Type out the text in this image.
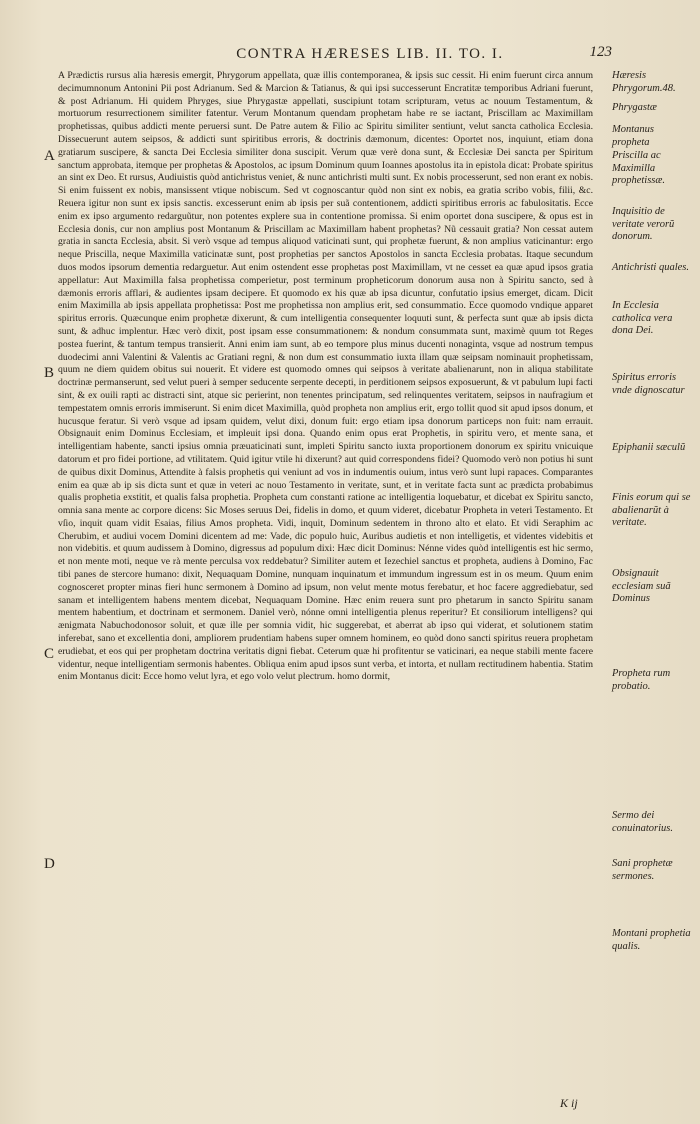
CONTRA HÆRESES LIB. II. TO. I.	123
A
B
C
D

A Prædictis rursus alia hæresis emergit, Phrygorum appellata, quæ illis contemporanea, & ipsis suc cessit. Hi enim fuerunt circa annum decimumnonum Antonini Pii post Adrianum. Sed & Marcion & Tatianus, & qui ipsi successerunt Encratitæ temporibus Adriani fuerunt, & post Adrianum. Hi quidem Phryges, siue Phrygastæ appellati, suscipiunt totam scripturam, vetus ac nouum Testamentum, & mortuorum resurrectionem similiter fatentur. Verum Montanum quendam prophetam habe re se iactant, Priscillam ac Maximillam prophetissas, quibus addicti mente peruersi sunt. De Patre autem & Filio ac Spiritu similiter sentiunt, velut sancta catholica Ecclesia. Dissecuerunt autem seipsos, & addicti sunt spiritibus erroris, & doctrinis dæmonum, dicentes: Oportet nos, inquiunt, etiam dona gratiarum suscipere, & sancta Dei Ecclesia similiter dona suscipit. Verum quæ verè dona sunt, & Ecclesiæ Dei sancta per Spiritum sanctum approbata, itemque per prophetas & Apostolos, ac ipsum Dominum quum Ioannes apostolus ita in epistola dicat: Probate spiritus an sint ex Deo. Et rursus, Audiuistis quòd antichristus veniet, & nunc antichristi multi sunt. Ex nobis processerunt, sed non erant ex nobis. Si enim fuissent ex nobis, mansissent vtique nobiscum. Sed vt cognoscantur quòd non sint ex nobis, ea gratia scribo vobis, filii, &c. Reuera igitur non sunt ex ipsis sanctis. excesserunt enim ab ipsis per suã contentionem, addicti spiritibus erroris ac fabulositatis. Ecce enim ex ipso argumento redarguũtur, non potentes explere sua in contentione promissa. Si enim oportet dona suscipere, & opus est in Ecclesia donis, cur non amplius post Montanum & Priscillam ac Maximillam habent prophetas? Nũ cessauit gratia? Non cessat autem gratia in sancta Ecclesia, absit. Si verò vsque ad tempus aliquod vaticinati sunt, qui prophetæ fuerunt, & non amplius vaticinantur: ergo neque Priscilla, neque Maximilla vaticinatæ sunt, post prophetias per sanctos Apostolos in sancta Ecclesia probatas. Itaque secundum duos modos ipsorum dementia redarguetur. Aut enim ostendent esse prophetas post Maximillam, vt ne cesset ea quæ apud ipsos gratia appellatur: Aut Maximilla falsa prophetissa comperietur, post terminum propheticorum donorum ausa non à Spiritu sancto, sed à dæmonis erroris afflari, & audientes ipsam decipere. Et quomodo ex his quæ ab ipsa dicuntur, confutatio ipsius emerget, dicam. Dicit enim Maximilla ab ipsis appellata prophetissa: Post me prophetissa non amplius erit, sed consummatio. Ecce quomodo vndique apparet spiritus erroris. Quæcunque enim prophetæ dixerunt, & cum intelligentia consequenter loquuti sunt, & perfecta sunt quæ ab ipsis dicta sunt, & adhuc implentur. Hæc verò dixit, post ipsam esse consummationem: & nondum consummata sunt, maximè quum tot Reges postea fuerint, & tantum tempus transierit. Anni enim iam sunt, ab eo tempore plus minus ducenti nonaginta, vsque ad nostrum tempus duodecimi anni Valentini & Valentis ac Gratiani regni, & non dum est consummatio iuxta illam quæ seipsam nominauit prophetissam, quum ne diem quidem obitus sui nouerit. Et videre est quomodo omnes qui seipsos à veritate abalienarunt, non in aliqua stabilitate doctrinæ permanserunt, sed velut pueri à semper seducente serpente decepti, in perditionem seipsos exposuerunt, & vt pabulum lupi facti sint, & ex ouili rapti ac distracti sint, atque sic perierint, non tenentes principatum, sed relinquentes veritatem, seipsos in naufragium et tempestatem omnis erroris immiserunt. Si enim dicet Maximilla, quòd propheta non amplius erit, ergo tollit quod sit apud ipsos donum, et hucusque feratur. Si verò vsque ad ipsam quidem, velut dixi, donum fuit: ergo etiam ipsa donorum particeps non fuit: nam errauit. Obsignauit enim Dominus Ecclesiam, et impleuit ipsi dona. Quando enim opus erat Prophetis, in spiritu vero, et mente sana, et intelligentiam habente, sancti ipsius omnia præuaticinati sunt, impleti Spiritu sancto iuxta proportionem donorum ex spiritu vnicuique datorum et pro fidei portione, ad vtilitatem. Quid igitur vtile hi dixerunt? aut quid correspondens fidei? Quomodo verò non potius hi sunt de quibus dixit Dominus, Attendite à falsis prophetis qui veniunt ad vos in indumentis ouium, intus verò sunt lupi rapaces. Comparantes enim ea quæ ab ip sis dicta sunt et quæ in veteri ac nouo Testamento in veritate, sunt, et in veritate facta sunt ac prædicta probabimus qualis prophetia exstitit, et qualis falsa prophetia. Propheta cum constanti ratione ac intelligentia loquebatur, et dicebat ex Spiritu sancto, omnia sana mente ac corpore dicens: Sic Moses seruus Dei, fidelis in domo, et quum videret, dicebatur Propheta in veteri Testamento. Et vſio, inquit quam vidit Esaias, filius Amos propheta. Vidi, inquit, Dominum sedentem in throno alto et elato. Et vidi Seraphim ac Cherubim, et audiui vocem Domini dicentem ad me: Vade, dic populo huic, Auribus audietis et non intelligetis, et videntes videbitis et non videbitis. et quum audissem à Domino, digressus ad populum dixi: Hæc dicit Dominus: Nénne vides quòd intelligentis est hic sermo, et non mente moti, neque ve rà mente perculsa vox reddebatur? Similiter autem et Iezechiel sanctus et propheta, audiens à Domino, Fac tibi panes de stercore humano: dixit, Nequaquam Domine, nunquam inquinatum et immundum ingressum est in os meum. Quum enim cognosceret propter minas fieri hunc sermonem à Domino ad ipsum, non velut mente motus ferebatur, et hoc facere aggrediebatur, sed sanam et intelligentem habens mentem dicebat, Nequaquam Domine. Hæc enim reuera sunt pro phetarum in sancto Spiritu sanam mentem habentium, et doctrinam et sermonem. Daniel verò, nónne omni intelligentia plenus reperitur? Et consiliorum intelligens? qui ænigmata Nabuchodonosor soluit, et quæ ille per somnia vidit, hic suggerebat, et aberrat ab ipso qui viderat, et solutionem statim inferebat, sano et excellentia doni, ampliorem prudentiam habens super omnem hominem, eo quòd dono sancti spiritus reuera prophetam erudiebat, et eos qui per prophetam doctrina veritatis digni fiebat. Ceterum quæ hi profitentur se vaticinari, ea neque stabili mente facere videntur, neque intelligentiam sermonis habentes. Obliqua enim apud ipsos sunt verba, et intorta, et nullam rectitudinem habentia. Statim enim Montanus dicit: Ecce homo velut lyra, et ego volo velut plectrum. homo dormit,

Hæresis Phrygorum.48.
Phrygastæ
Montanus propheta
Priscilla ac Maximilla prophetissæ.
Inquisitio de veritate verorũ donorum.
Antichristi quales.
In Ecclesia catholica vera dona Dei.
Spiritus erroris vnde dignoscatur
Epiphanii sæculũ
Finis eorum qui se abalienarũt à veritate.
Obsignauit ecclesiam suã Dominus
Propheta rum probatio.
Sermo dei conuinatorius.
Sani prophetæ sermones.
Montani prophetia qualis.
K ij
